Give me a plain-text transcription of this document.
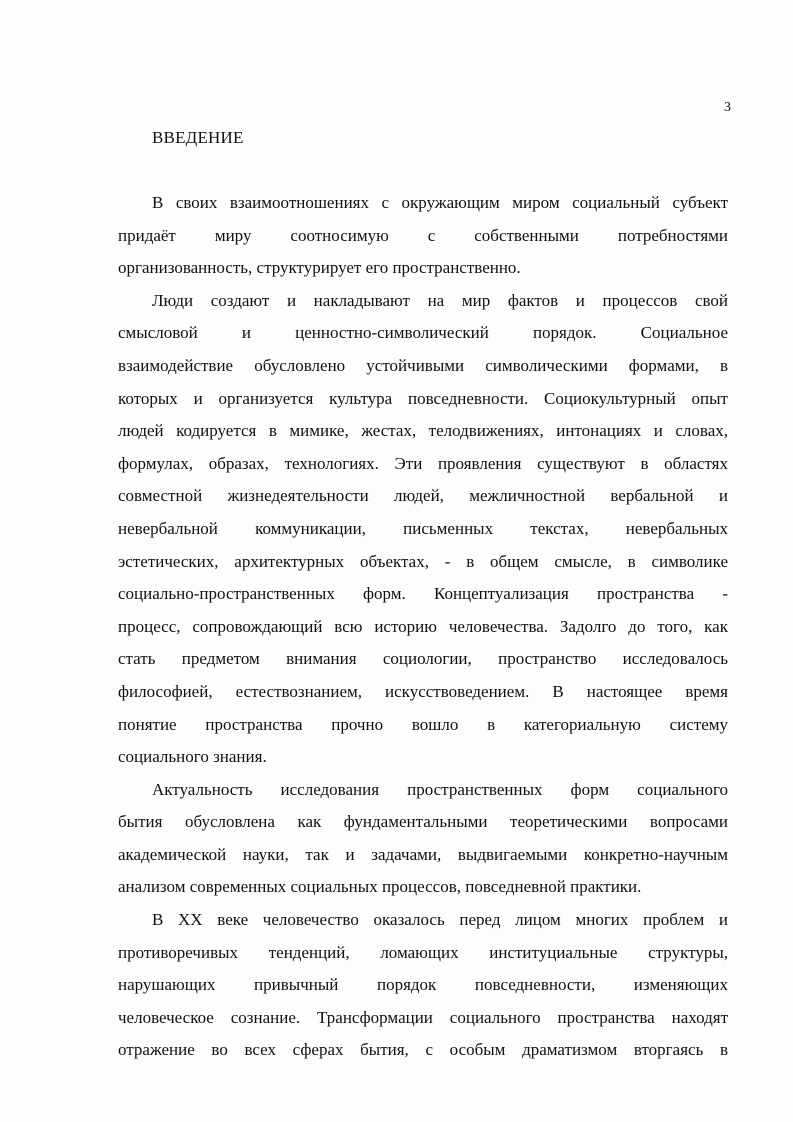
3
ВВЕДЕНИЕ
В своих взаимоотношениях с окружающим миром социальный субъект
придаёт миру соотносимую с собственными потребностями
организованность, структурирует его пространственно.
Люди создают и накладывают на мир фактов и процессов свой
смысловой и ценностно-символический порядок. Социальное
взаимодействие обусловлено устойчивыми символическими формами, в
которых и организуется культура повседневности. Социокультурный опыт
людей кодируется в мимике, жестах, телодвижениях, интонациях и словах,
формулах, образах, технологиях. Эти проявления существуют в областях
совместной жизнедеятельности людей, межличностной вербальной и
невербальной коммуникации, письменных текстах, невербальных
эстетических, архитектурных объектах, - в общем смысле, в символике
социально-пространственных форм. Концептуализация пространства -
процесс, сопровождающий всю историю человечества. Задолго до того, как
стать предметом внимания социологии, пространство исследовалось
философией, естествознанием, искусствоведением. В настоящее время
понятие пространства прочно вошло в категориальную систему
социального знания.
Актуальность исследования пространственных форм социального
бытия обусловлена как фундаментальными теоретическими вопросами
академической науки, так и задачами, выдвигаемыми конкретно-научным
анализом современных социальных процессов, повседневной практики.
В XX веке человечество оказалось перед лицом многих проблем и
противоречивых тенденций, ломающих институциальные структуры,
нарушающих привычный порядок повседневности, изменяющих
человеческое сознание. Трансформации социального пространства находят
отражение во всех сферах бытия, с особым драматизмом вторгаясь в
